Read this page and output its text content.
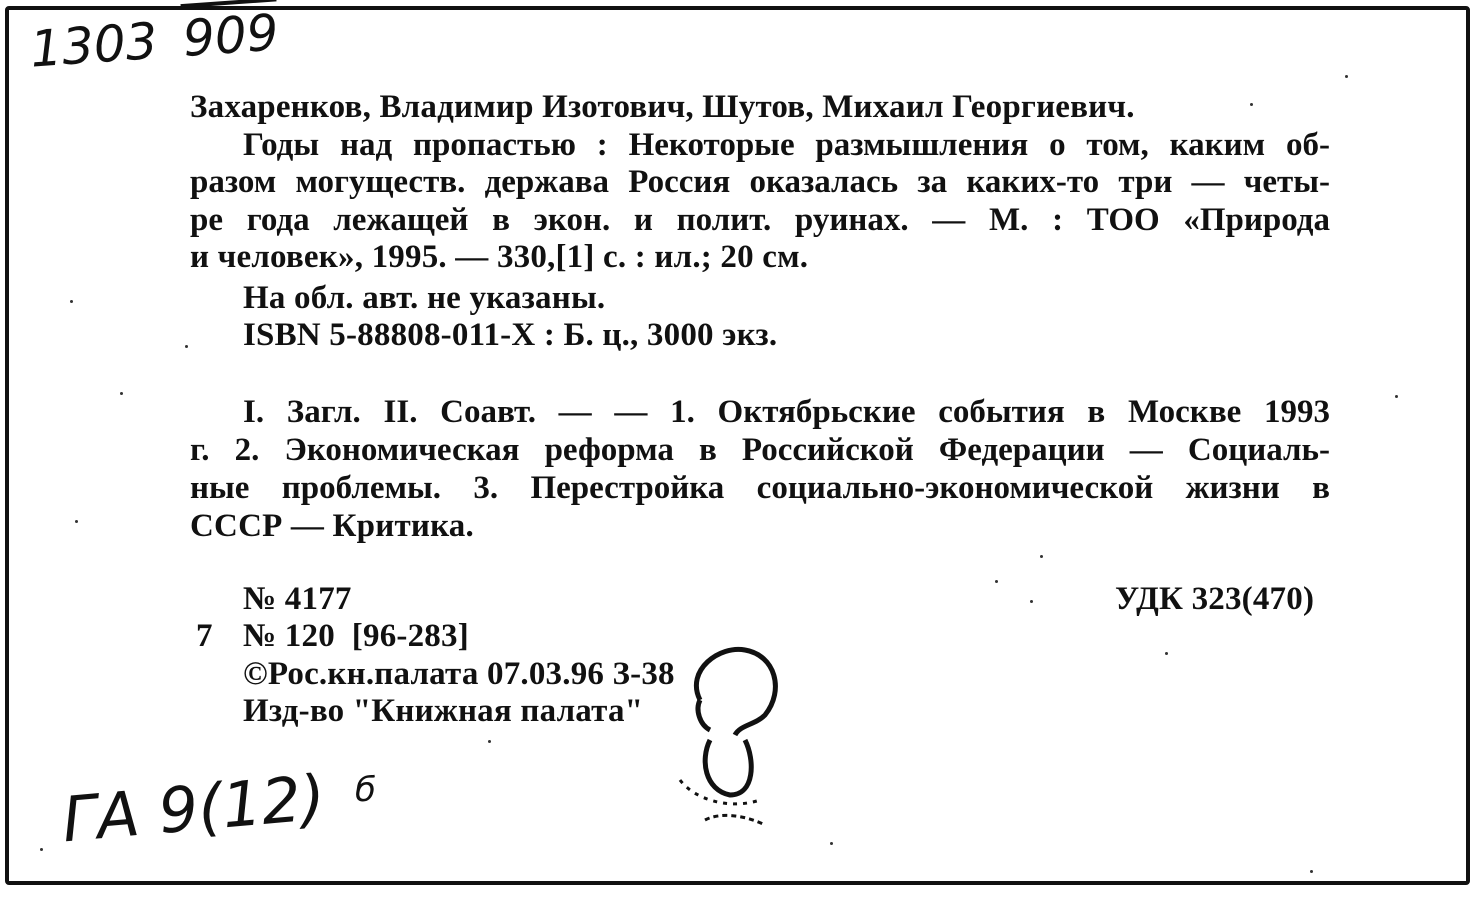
1303 909
Захаренков, Владимир Изотович, Шутов, Михаил Георгиевич.
Годы над пропастью : Некоторые размышления о том, каким об-
разом могуществ. держава Россия оказалась за каких-то три — четы-
ре года лежащей в экон. и полит. руинах. — М. : ТОО «Природа
и человек», 1995. — 330,[1] с. : ил.; 20 см.
На обл. авт. не указаны.
ISBN 5-88808-011-X : Б. ц., 3000 экз.
I. Загл. II. Соавт. — — 1. Октябрьские события в Москве 1993
г. 2. Экономическая реформа в Российской Федерации — Социаль-
ные проблемы. 3. Перестройка социально-экономической жизни в
СССР — Критика.
№ 4177	УДК 323(470)
7 № 120  [96-283]
©Рос.кн.палата 07.03.96 З-38
Изд-во "Книжная палата"
ГА 9(12) б
